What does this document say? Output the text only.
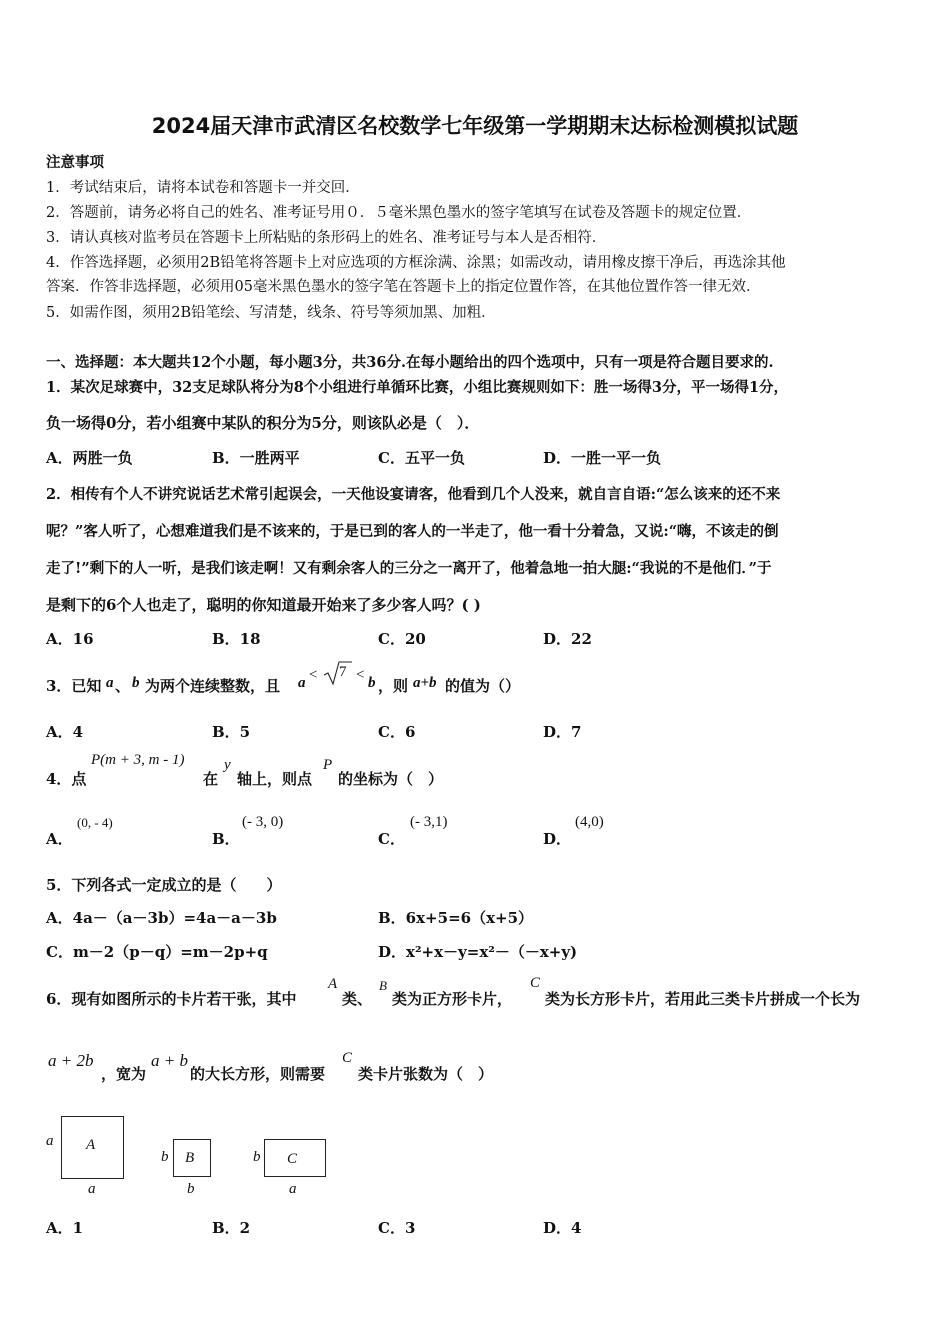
2024届天津市武清区名校数学七年级第一学期期末达标检测模拟试题
注意事项
1．考试结束后，请将本试卷和答题卡一并交回．
2．答题前，请务必将自己的姓名、准考证号用０．５毫米黑色墨水的签字笔填写在试卷及答题卡的规定位置．
3．请认真核对监考员在答题卡上所粘贴的条形码上的姓名、准考证号与本人是否相符．
4．作答选择题，必须用2B铅笔将答题卡上对应选项的方框涂满、涂黑；如需改动，请用橡皮擦干净后，再选涂其他
答案．作答非选择题，必须用05毫米黑色墨水的签字笔在答题卡上的指定位置作答，在其他位置作答一律无效．
5．如需作图，须用2B铅笔绘、写清楚，线条、符号等须加黑、加粗．
一、选择题：本大题共12个小题，每小题3分，共36分.在每小题给出的四个选项中，只有一项是符合题目要求的.
1．某次足球赛中，32支足球队将分为8个小组进行单循环比赛，小组比赛规则如下：胜一场得3分，平一场得1分，
负一场得0分，若小组赛中某队的积分为5分，则该队必是（　）．
A．两胜一负	B．一胜两平	C．五平一负	D．一胜一平一负
2．相传有个人不讲究说话艺术常引起误会，一天他设宴请客，他看到几个人没来，就自言自语:“怎么该来的还不来
呢？”客人听了，心想难道我们是不该来的，于是已到的客人的一半走了，他一看十分着急，又说:“嗨，不该走的倒
走了!”剩下的人一听，是我们该走啊！又有剩余客人的三分之一离开了，他着急地一拍大腿:“我说的不是他们．”于
是剩下的6个人也走了，聪明的你知道最开始来了多少客人吗？( )
A．16	B．18	C．20	D．22
3．已知 a 、 b 为两个连续整数，且 a < 7 < b ，则 a+b 的值为（）
A．4	B．5	C．6	D．7
4．点
P(m + 3, m - 1)
在
y
轴上，则点
P
的坐标为（　）
A．
(0, - 4)
B．
(- 3, 0)
C．
(- 3,1)
D．
(4,0)
5．下列各式一定成立的是（　　）
A．4a－（a－3b）=4a－a－3b	B．6x+5=6（x+5）
C．m－2（p－q）=m－2p+q	D．x²+x－y=x²－（－x+y)
6．现有如图所示的卡片若干张，其中
A
类、
B
类为正方形卡片，
C
类为长方形卡片，若用此三类卡片拼成一个长为
a + 2b
，宽为
a + b
的大长方形，则需要
C
类卡片张数为（　）
A
a
a
B
b
b
C
b
a
A．1	B．2	C．3	D．4
